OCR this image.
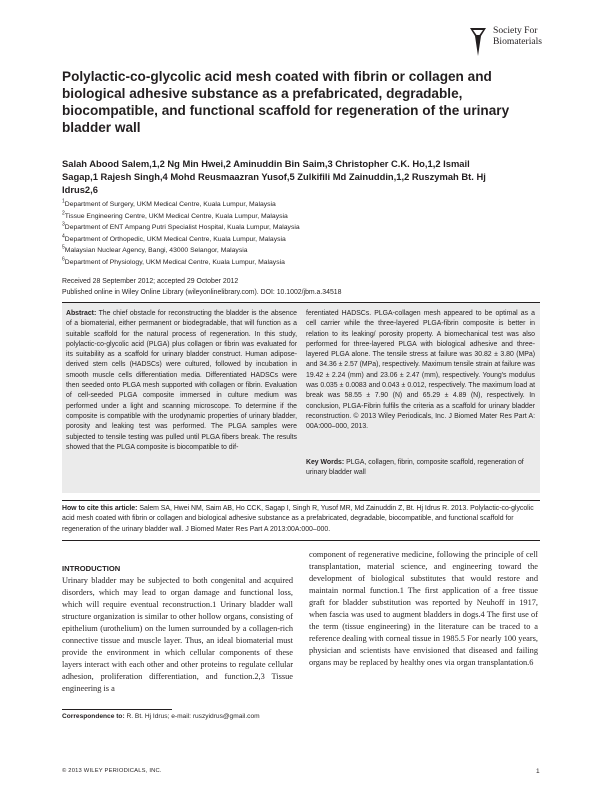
Society For
Biomaterials
Polylactic-co-glycolic acid mesh coated with fibrin or collagen and biological adhesive substance as a prefabricated, degradable, biocompatible, and functional scaffold for regeneration of the urinary bladder wall
Salah Abood Salem,1,2 Ng Min Hwei,2 Aminuddin Bin Saim,3 Christopher C.K. Ho,1,2 Ismail Sagap,1 Rajesh Singh,4 Mohd Reusmaazran Yusof,5 Zulkifili Md Zainuddin,1,2 Ruszymah Bt. Hj Idrus2,6
$^1$Department of Surgery, UKM Medical Centre, Kuala Lumpur, Malaysia
$^2$Tissue Engineering Centre, UKM Medical Centre, Kuala Lumpur, Malaysia
$^3$Department of ENT Ampang Putri Specialist Hospital, Kuala Lumpur, Malaysia
$^4$Department of Orthopedic, UKM Medical Centre, Kuala Lumpur, Malaysia
$^5$Malaysian Nuclear Agency, Bangi, 43000 Selangor, Malaysia
$^6$Department of Physiology, UKM Medical Centre, Kuala Lumpur, Malaysia
Received 28 September 2012; accepted 29 October 2012
Published online in Wiley Online Library (wileyonlinelibrary.com). DOI: 10.1002/jbm.a.34518
Abstract: The chief obstacle for reconstructing the bladder is the absence of a biomaterial, either permanent or biodegradable, that will function as a suitable scaffold for the natural process of regeneration. In this study, polylactic-co-glycolic acid (PLGA) plus collagen or fibrin was evaluated for its suitability as a scaffold for urinary bladder construct. Human adipose-derived stem cells (HADSCs) were cultured, followed by incubation in smooth muscle cells differentiation media. Differentiated HADSCs were then seeded onto PLGA mesh supported with collagen or fibrin. Evaluation of cell-seeded PLGA composite immersed in culture medium was performed under a light and scanning microscope. To determine if the composite is compatible with the urodynamic properties of urinary bladder, porosity and leaking test was performed. The PLGA samples were subjected to tensile testing was pulled until PLGA fibers break. The results showed that the PLGA composite is biocompatible to dif-
ferentiated HADSCs. PLGA-collagen mesh appeared to be optimal as a cell carrier while the three-layered PLGA-fibrin composite is better in relation to its leaking/ porosity property. A biomechanical test was also performed for three-layered PLGA with biological adhesive and three-layered PLGA alone. The tensile stress at failure was 30.82 ± 3.80 (MPa) and 34.36 ± 2.57 (MPa), respectively. Maximum tensile strain at failure was 19.42 ± 2.24 (mm) and 23.06 ± 2.47 (mm), respectively. Young's modulus was 0.035 ± 0.0083 and 0.043 ± 0.012, respectively. The maximum load at break was 58.55 ± 7.90 (N) and 65.29 ± 4.89 (N), respectively. In conclusion, PLGA-Fibrin fulfils the criteria as a scaffold for urinary bladder reconstruction. © 2013 Wiley Periodicals, Inc. J Biomed Mater Res Part A: 00A:000–000, 2013.
Key Words: PLGA, collagen, fibrin, composite scaffold, regeneration of urinary bladder wall
How to cite this article: Salem SA, Hwei NM, Saim AB, Ho CCK, Sagap I, Singh R, Yusof MR, Md Zainuddin Z, Bt. Hj Idrus R. 2013. Polylactic-co-glycolic acid mesh coated with fibrin or collagen and biological adhesive substance as a prefabricated, degradable, biocompatible, and functional scaffold for regeneration of the urinary bladder wall. J Biomed Mater Res Part A 2013:00A:000–000.
INTRODUCTION
Urinary bladder may be subjected to both congenital and acquired disorders, which may lead to organ damage and functional loss, which will require eventual reconstruction.1 Urinary bladder wall structure organization is similar to other hollow organs, consisting of epithelium (urothelium) on the lumen surrounded by a collagen-rich connective tissue and muscle layer. Thus, an ideal biomaterial must provide the environment in which cellular components of these layers interact with each other and other proteins to regulate cellular adhesion, proliferation differentiation, and function.2,3 Tissue engineering is a
component of regenerative medicine, following the principle of cell transplantation, material science, and engineering toward the development of biological substitutes that would restore and maintain normal function.1 The first application of a free tissue graft for bladder substitution was reported by Neuhoff in 1917, when fascia was used to augment bladders in dogs.4 The first use of the term (tissue engineering) in the literature can be traced to a reference dealing with corneal tissue in 1985.5 For nearly 100 years, physician and scientists have envisioned that diseased and failing organs may be replaced by healthy ones via organ transplantation.6
Correspondence to: R. Bt. Hj Idrus; e-mail: ruszyidrus@gmail.com
© 2013 WILEY PERIODICALS, INC.	1
